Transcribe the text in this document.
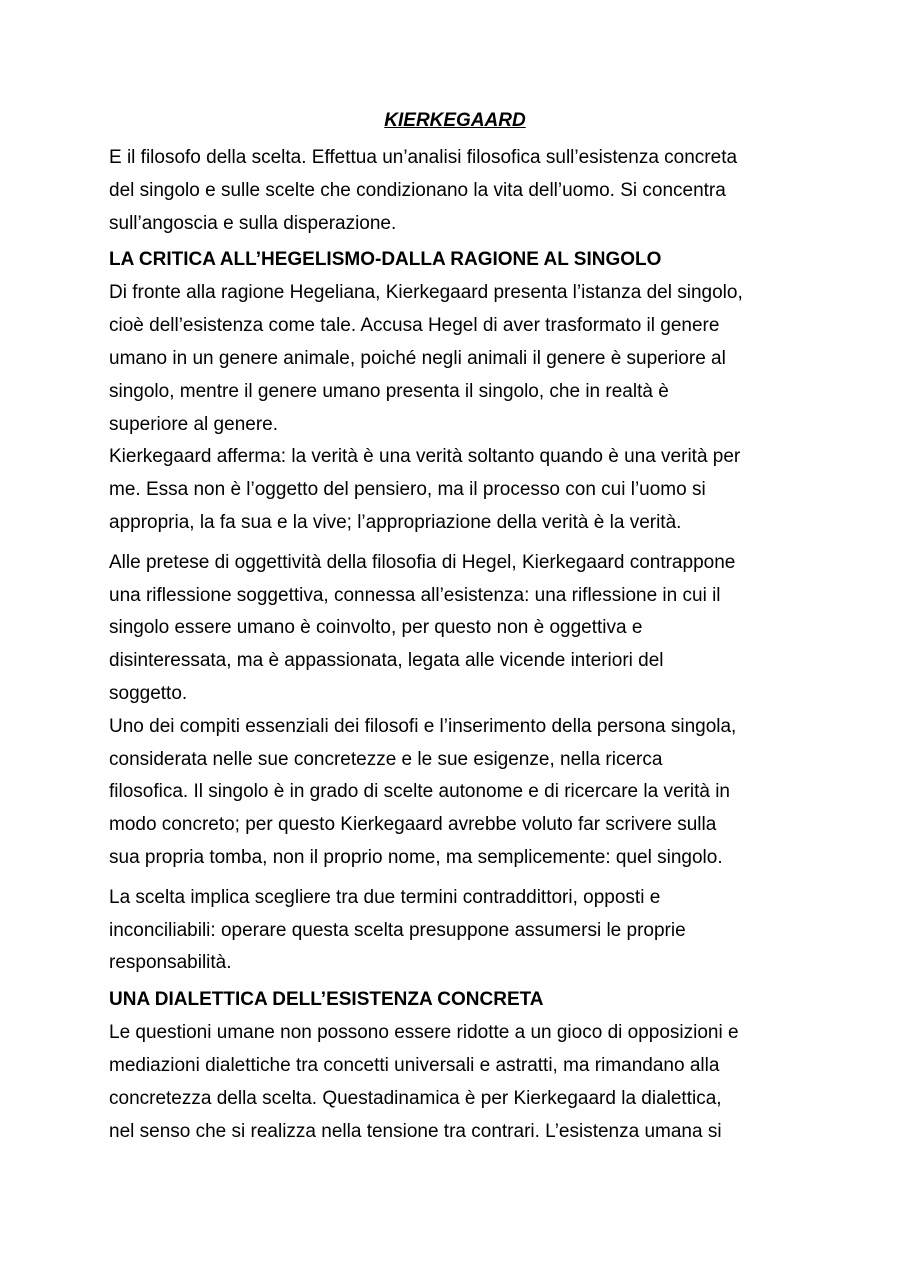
KIERKEGAARD

E il filosofo della scelta. Effettua un’analisi filosofica sull’esistenza concreta
del singolo e sulle scelte che condizionano la vita dell’uomo. Si concentra
sull’angoscia e sulla disperazione.

LA CRITICA ALL’HEGELISMO-DALLA RAGIONE AL SINGOLO

Di fronte alla ragione Hegeliana, Kierkegaard presenta l’istanza del singolo,
cioè dell’esistenza come tale. Accusa Hegel di aver trasformato il genere
umano in un genere animale, poiché negli animali il genere è superiore al
singolo, mentre il genere umano presenta il singolo, che in realtà è
superiore al genere.
Kierkegaard afferma: la verità è una verità soltanto quando è una verità per
me. Essa non è l’oggetto del pensiero, ma il processo con cui l’uomo si
appropria, la fa sua e la vive; l’appropriazione della verità è la verità.

Alle pretese di oggettività della filosofia di Hegel, Kierkegaard contrappone
una riflessione soggettiva, connessa all’esistenza: una riflessione in cui il
singolo essere umano è coinvolto, per questo non è oggettiva e
disinteressata, ma è appassionata, legata alle vicende interiori del
soggetto.
Uno dei compiti essenziali dei filosofi e l’inserimento della persona singola,
considerata nelle sue concretezze e le sue esigenze, nella ricerca
filosofica. Il singolo è in grado di scelte autonome e di ricercare la verità in
modo concreto; per questo Kierkegaard avrebbe voluto far scrivere sulla
sua propria tomba, non il proprio nome, ma semplicemente: quel singolo.

La scelta implica scegliere tra due termini contraddittori, opposti e
inconciliabili: operare questa scelta presuppone assumersi le proprie
responsabilità.

UNA DIALETTICA DELL’ESISTENZA CONCRETA

Le questioni umane non possono essere ridotte a un gioco di opposizioni e
mediazioni dialettiche tra concetti universali e astratti, ma rimandano alla
concretezza della scelta. Questadinamica è per Kierkegaard la dialettica,
nel senso che si realizza nella tensione tra contrari. L’esistenza umana si
